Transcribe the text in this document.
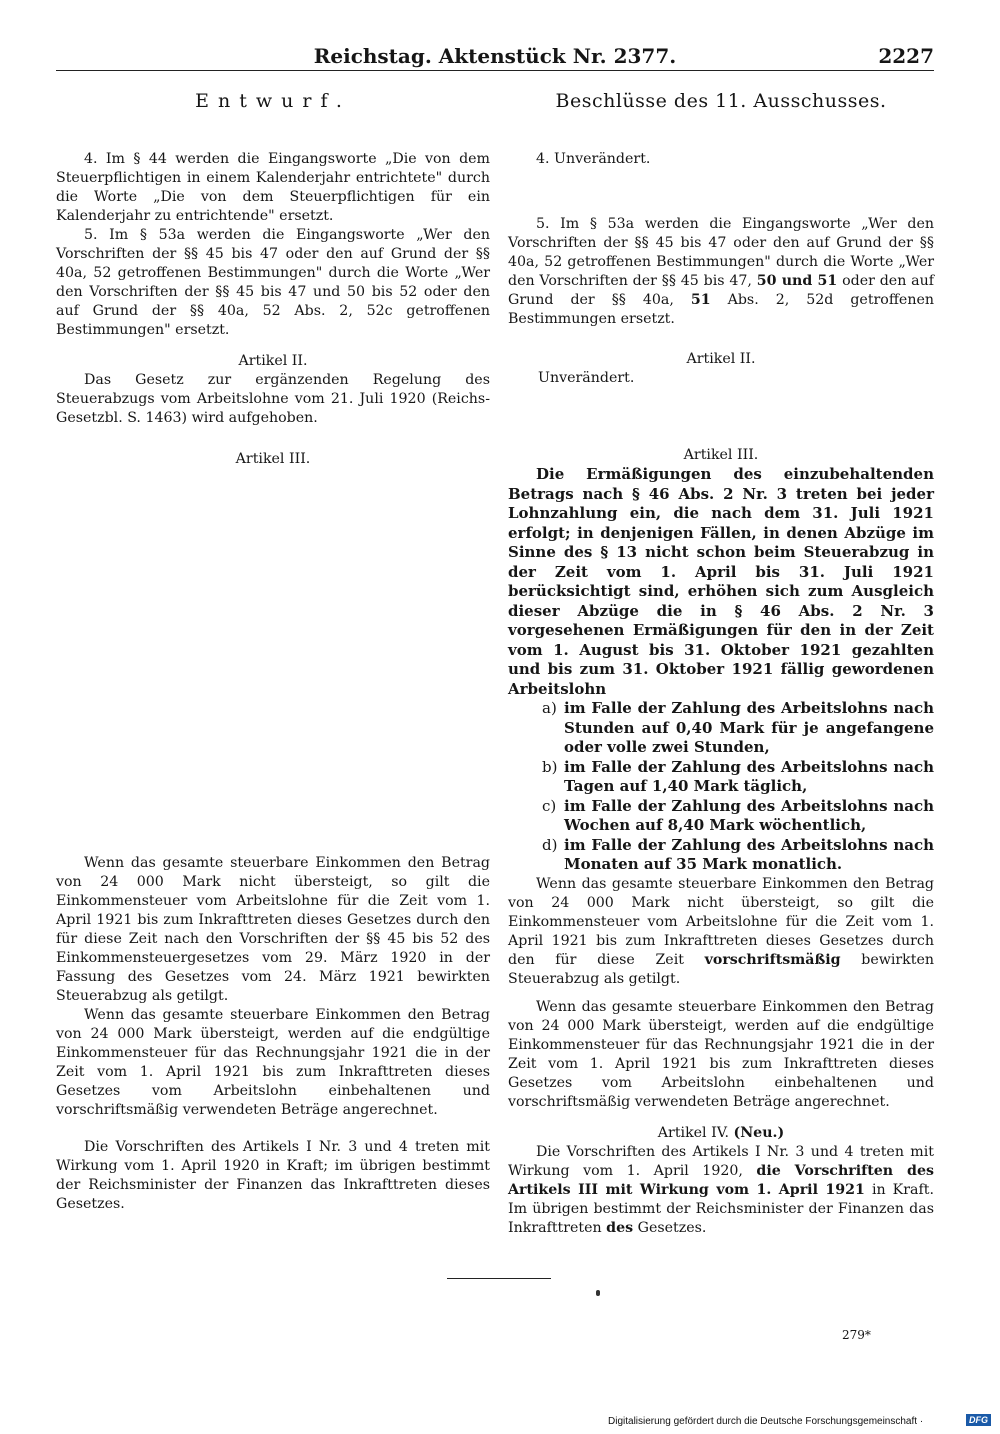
Reichstag. Aktenstück Nr. 2377.	2227
Entwurf.

4. Im § 44 werden die Eingangsworte „Die von dem Steuerpflichtigen in einem Kalenderjahr entrichtete" durch die Worte „Die von dem Steuerpflichtigen für ein Kalenderjahr zu entrichtende" ersetzt.

5. Im § 53a werden die Eingangsworte „Wer den Vorschriften der §§ 45 bis 47 oder den auf Grund der §§ 40a, 52 getroffenen Bestimmungen" durch die Worte „Wer den Vorschriften der §§ 45 bis 47 und 50 bis 52 oder den auf Grund der §§ 40a, 52 Abs. 2, 52c getroffenen Bestimmungen" ersetzt.

Artikel II.

Das Gesetz zur ergänzenden Regelung des Steuerabzugs vom Arbeitslohne vom 21. Juli 1920 (Reichs-Gesetzbl. S. 1463) wird aufgehoben.

Artikel III.

Wenn das gesamte steuerbare Einkommen den Betrag von 24 000 Mark nicht übersteigt, so gilt die Einkommensteuer vom Arbeitslohne für die Zeit vom 1. April 1921 bis zum Inkrafttreten dieses Gesetzes durch den für diese Zeit nach den Vorschriften der §§ 45 bis 52 des Einkommensteuergesetzes vom 29. März 1920 in der Fassung des Gesetzes vom 24. März 1921 bewirkten Steuerabzug als getilgt.

Wenn das gesamte steuerbare Einkommen den Betrag von 24 000 Mark übersteigt, werden auf die endgültige Einkommensteuer für das Rechnungsjahr 1921 die in der Zeit vom 1. April 1921 bis zum Inkrafttreten dieses Gesetzes vom Arbeitslohn einbehaltenen und vorschriftsmäßig verwendeten Beträge angerechnet.

Die Vorschriften des Artikels I Nr. 3 und 4 treten mit Wirkung vom 1. April 1920 in Kraft; im übrigen bestimmt der Reichsminister der Finanzen das Inkrafttreten dieses Gesetzes.

Beschlüsse des 11. Ausschusses.

4. Unverändert.

5. Im § 53a werden die Eingangsworte „Wer den Vorschriften der §§ 45 bis 47 oder den auf Grund der §§ 40a, 52 getroffenen Bestimmungen" durch die Worte „Wer den Vorschriften der §§ 45 bis 47, 50 und 51 oder den auf Grund der §§ 40a, 51 Abs. 2, 52d getroffenen Bestimmungen ersetzt.

Artikel II.

Unverändert.

Artikel III.

Die Ermäßigungen des einzubehaltenden Betrags nach § 46 Abs. 2 Nr. 3 treten bei jeder Lohnzahlung ein, die nach dem 31. Juli 1921 erfolgt; in denjenigen Fällen, in denen Abzüge im Sinne des § 13 nicht schon beim Steuerabzug in der Zeit vom 1. April bis 31. Juli 1921 berücksichtigt sind, erhöhen sich zum Ausgleich dieser Abzüge die in § 46 Abs. 2 Nr. 3 vorgesehenen Ermäßigungen für den in der Zeit vom 1. August bis 31. Oktober 1921 gezahlten und bis zum 31. Oktober 1921 fällig gewordenen Arbeitslohn

a) im Falle der Zahlung des Arbeitslohns nach Stunden auf 0,40 Mark für je angefangene oder volle zwei Stunden,
b) im Falle der Zahlung des Arbeitslohns nach Tagen auf 1,40 Mark täglich,
c) im Falle der Zahlung des Arbeitslohns nach Wochen auf 8,40 Mark wöchentlich,
d) im Falle der Zahlung des Arbeitslohns nach Monaten auf 35 Mark monatlich.

Wenn das gesamte steuerbare Einkommen den Betrag von 24 000 Mark nicht übersteigt, so gilt die Einkommensteuer vom Arbeitslohne für die Zeit vom 1. April 1921 bis zum Inkrafttreten dieses Gesetzes durch den für diese Zeit vorschriftsmäßig bewirkten Steuerabzug als getilgt.

Wenn das gesamte steuerbare Einkommen den Betrag von 24 000 Mark übersteigt, werden auf die endgültige Einkommensteuer für das Rechnungsjahr 1921 die in der Zeit vom 1. April 1921 bis zum Inkrafttreten dieses Gesetzes vom Arbeitslohn einbehaltenen und vorschriftsmäßig verwendeten Beträge angerechnet.

Artikel IV. (Neu.)

Die Vorschriften des Artikels I Nr. 3 und 4 treten mit Wirkung vom 1. April 1920, die Vorschriften des Artikels III mit Wirkung vom 1. April 1921 in Kraft. Im übrigen bestimmt der Reichsminister der Finanzen das Inkrafttreten des Gesetzes.

279*
Digitalisierung gefördert durch die Deutsche Forschungsgemeinschaft ·	DFG
